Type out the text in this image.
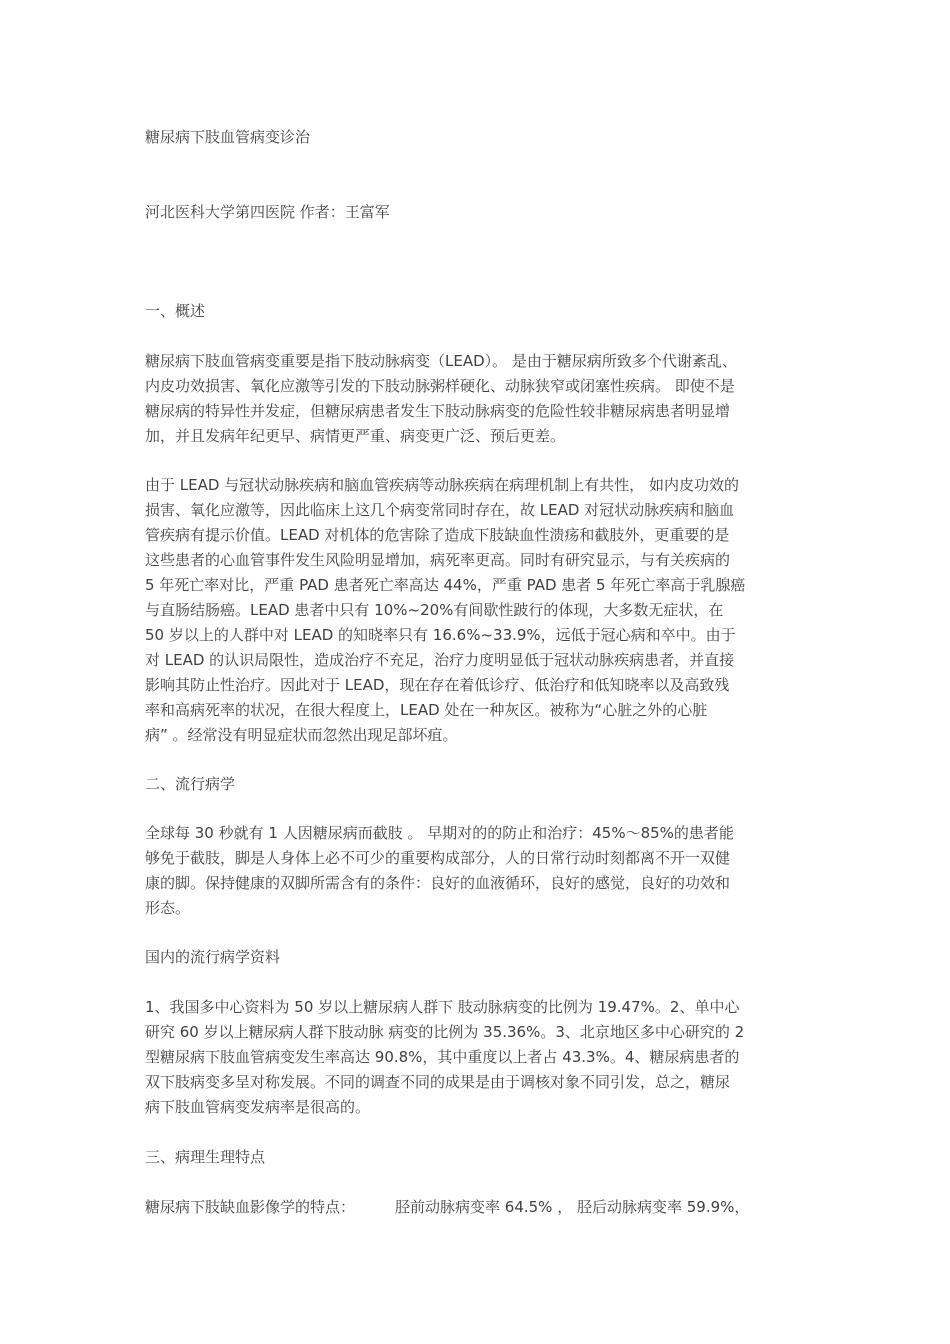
糖尿病下肢血管病变诊治
河北医科大学第四医院 作者：王富军
一、概述
糖尿病下肢血管病变重要是指下肢动脉病变（LEAD）。 是由于糖尿病所致多个代谢紊乱、
内皮功效损害、氧化应激等引发的下肢动脉粥样硬化、动脉狭窄或闭塞性疾病。 即使不是
糖尿病的特异性并发症，但糖尿病患者发生下肢动脉病变的危险性较非糖尿病患者明显增
加，并且发病年纪更早、病情更严重、病变更广泛、预后更差。
由于 LEAD 与冠状动脉疾病和脑血管疾病等动脉疾病在病理机制上有共性， 如内皮功效的
损害、氧化应激等，因此临床上这几个病变常同时存在，故 LEAD 对冠状动脉疾病和脑血
管疾病有提示价值。LEAD 对机体的危害除了造成下肢缺血性溃疡和截肢外，更重要的是
这些患者的心血管事件发生风险明显增加，病死率更高。同时有研究显示，与有关疾病的
5 年死亡率对比，严重 PAD 患者死亡率高达 44%，严重 PAD 患者 5 年死亡率高于乳腺癌
与直肠结肠癌。LEAD 患者中只有 10%~20%有间歇性跛行的体现，大多数无症状，在
50 岁以上的人群中对 LEAD 的知晓率只有 16.6%~33.9%，远低于冠心病和卒中。由于
对 LEAD 的认识局限性，造成治疗不充足，治疗力度明显低于冠状动脉疾病患者，并直接
影响其防止性治疗。因此对于 LEAD，现在存在着低诊疗、低治疗和低知晓率以及高致残
率和高病死率的状况，在很大程度上，LEAD 处在一种灰区。被称为“心脏之外的心脏
病” 。经常没有明显症状而忽然出现足部坏疽。
二、流行病学
全球每 30 秒就有 1 人因糖尿病而截肢 。 早期对的的防止和治疗：45%～85%的患者能
够免于截肢，脚是人身体上必不可少的重要构成部分，人的日常行动时刻都离不开一双健
康的脚。保持健康的双脚所需含有的条件：良好的血液循环，良好的感觉，良好的功效和
形态。
国内的流行病学资料
1、我国多中心资料为 50 岁以上糖尿病人群下 肢动脉病变的比例为 19.47%。2、单中心
研究 60 岁以上糖尿病人群下肢动脉 病变的比例为 35.36%。3、北京地区多中心研究的 2
型糖尿病下肢血管病变发生率高达 90.8%，其中重度以上者占 43.3%。4、糖尿病患者的
双下肢病变多呈对称发展。不同的调查不同的成果是由于调核对象不同引发，总之，糖尿
病下肢血管病变发病率是很高的。
三、病理生理特点
糖尿病下肢缺血影像学的特点：	胫前动脉病变率 64.5% ， 胫后动脉病变率 59.9%，
